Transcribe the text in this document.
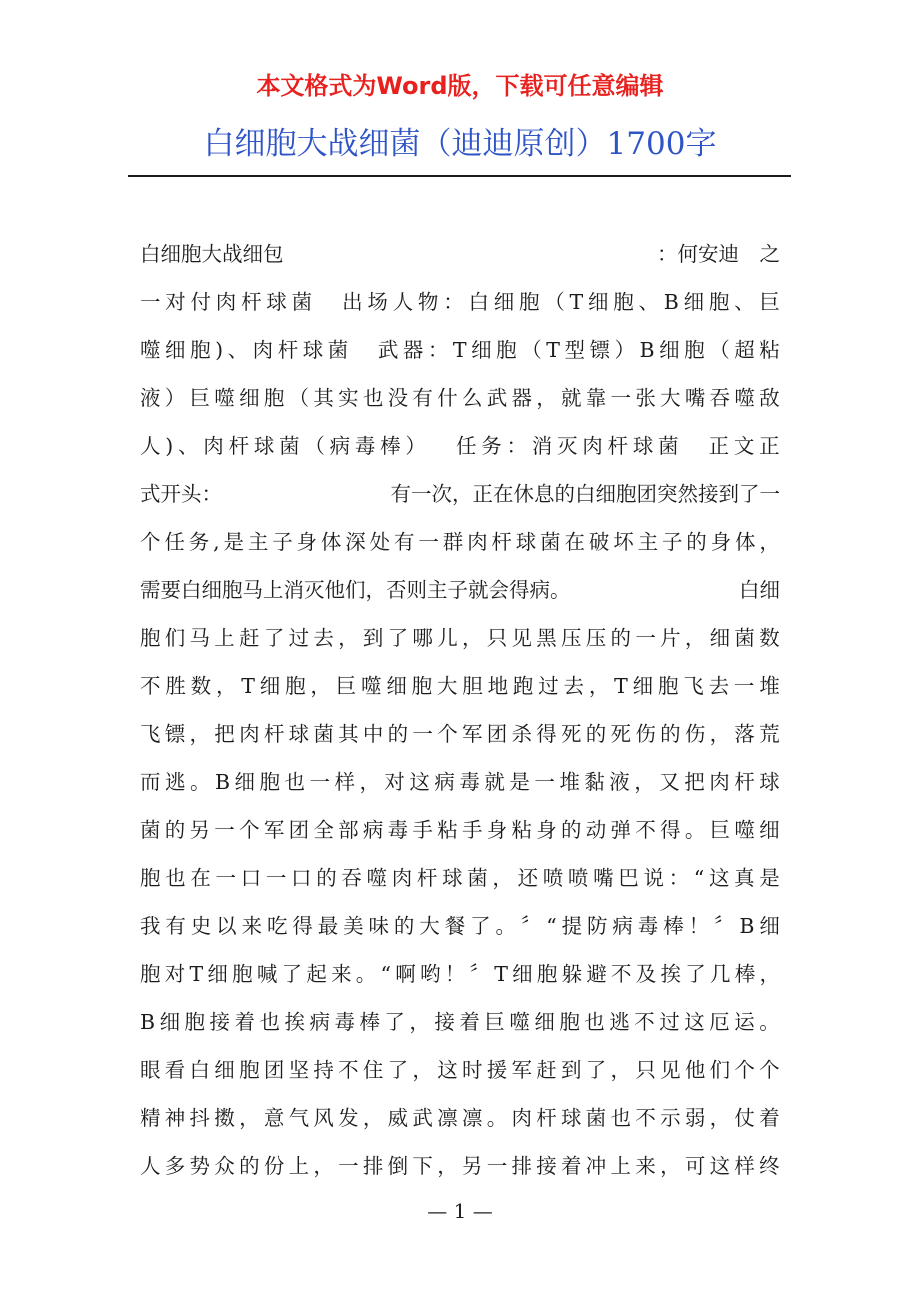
本文格式为Word版，下载可任意编辑
白细胞大战细菌（迪迪原创）1700字
白细胞大战细包	：何安迪　之
一 对 付 肉 杆 球 菌
　 出 场 人 物 ： 白 细 胞 （ T 细 胞 、 B 细 胞 、 巨
噬 细 胞 ) 、 肉 杆 球 菌
　 武 器 ： T 细 胞 （ T 型 镖 ） B 细 胞 （ 超 粘
液 ） 巨 噬 细 胞 （ 其 实 也 没 有 什 么 武 器 ， 就 靠 一 张 大 嘴 吞 噬 敌
人 ) 、 肉 杆 球 菌 （ 病 毒 棒 ）
　 任 务 ： 消 灭 肉 杆 球 菌
　 正 文 正
式开头：	有一次，正在休息的白细胞团突然接到了一
个 任 务 , 是 主 子 身 体 深 处 有 一 群 肉 杆 球 菌 在 破 坏 主 子 的 身 体 ，
需要白细胞马上消灭他们，否则主子就会得病。	白细
胞 们 马 上 赶 了 过 去 ， 到 了 哪 儿 ， 只 见 黑 压 压 的 一 片 ， 细 菌 数
不 胜 数 ， T 细 胞 ， 巨 噬 细 胞 大 胆 地 跑 过 去 ， T 细 胞 飞 去 一 堆
飞 镖 ， 把 肉 杆 球 菌 其 中 的 一 个 军 团 杀 得 死 的 死 伤 的 伤 ， 落 荒
而 逃 。 B 细 胞 也 一 样 ， 对 这 病 毒 就 是 一 堆 黏 液 ， 又 把 肉 杆 球
菌 的 另 一 个 军 团 全 部 病 毒 手 粘 手 身 粘 身 的 动 弹 不 得 。 巨 噬 细
胞 也 在 一 口 一 口 的 吞 噬 肉 杆 球 菌 ， 还 喷 喷 嘴 巴 说 ： “ 这 真 是
我 有 史 以 来 吃 得 最 美 味 的 大 餐 了 。 〞 “ 提 防 病 毒 棒 ！ 〞 B 细
胞 对 T 细 胞 喊 了 起 来 。 “ 啊 哟 ！ 〞 T 细 胞 躲 避 不 及 挨 了 几 棒 ，
B 细 胞 接 着 也 挨 病 毒 棒 了 ， 接 着 巨 噬 细 胞 也 逃 不 过 这 厄 运 。
眼 看 白 细 胞 团 坚 持 不 住 了 ， 这 时 援 军 赶 到 了 ， 只 见 他 们 个 个
精 神 抖 擞 ， 意 气 风 发 ， 威 武 凛 凛 。 肉 杆 球 菌 也 不 示 弱 ， 仗 着
人 多 势 众 的 份 上 ， 一 排 倒 下 ， 另 一 排 接 着 冲 上 来 ， 可 这 样 终
— 1 —
